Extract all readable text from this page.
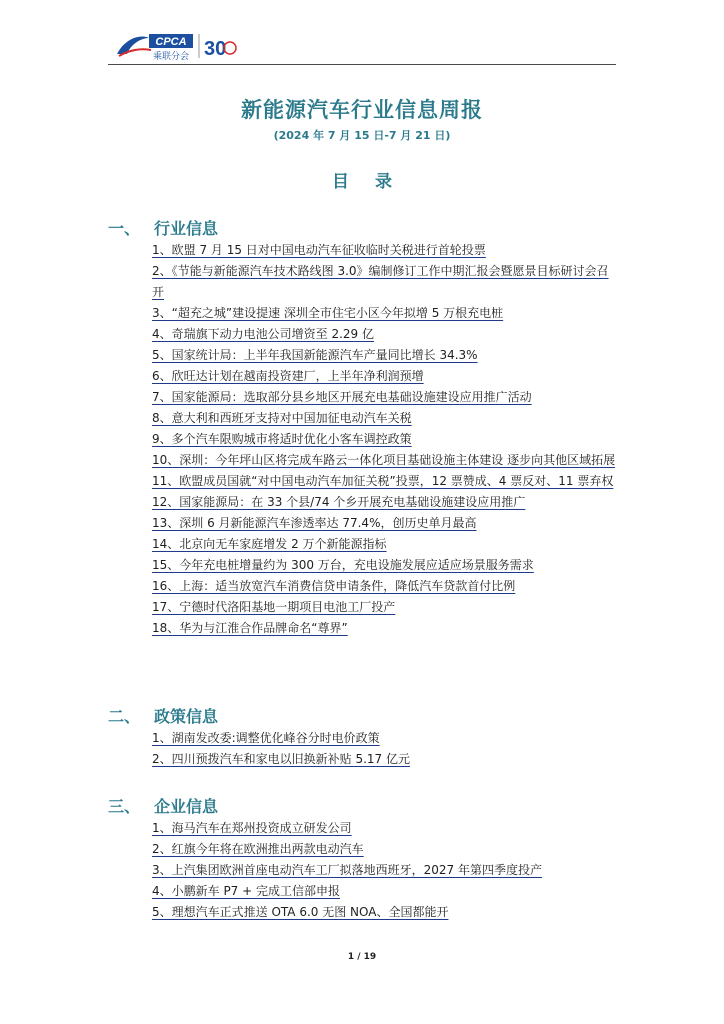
CPCA
乘联分会 30
新能源汽车行业信息周报
(2024 年 7 月 15 日-7 月 21 日)
目 录
一、 行业信息
1、欧盟 7 月 15 日对中国电动汽车征收临时关税进行首轮投票
2、《节能与新能源汽车技术路线图 3.0》编制修订工作中期汇报会暨愿景目标研讨会召开
3、“超充之城”建设提速 深圳全市住宅小区今年拟增 5 万根充电桩
4、奇瑞旗下动力电池公司增资至 2.29 亿
5、国家统计局：上半年我国新能源汽车产量同比增长 34.3%
6、欣旺达计划在越南投资建厂，上半年净利润预增
7、国家能源局：选取部分县乡地区开展充电基础设施建设应用推广活动
8、意大利和西班牙支持对中国加征电动汽车关税
9、多个汽车限购城市将适时优化小客车调控政策
10、深圳：今年坪山区将完成车路云一体化项目基础设施主体建设 逐步向其他区域拓展
11、欧盟成员国就“对中国电动汽车加征关税”投票，12 票赞成、4 票反对、11 票弃权
12、国家能源局：在 33 个县/74 个乡开展充电基础设施建设应用推广
13、深圳 6 月新能源汽车渗透率达 77.4%，创历史单月最高
14、北京向无车家庭增发 2 万个新能源指标
15、今年充电桩增量约为 300 万台，充电设施发展应适应场景服务需求
16、上海：适当放宽汽车消费信贷申请条件，降低汽车贷款首付比例
17、宁德时代洛阳基地一期项目电池工厂投产
18、华为与江淮合作品牌命名“尊界”
二、 政策信息
1、湖南发改委:调整优化峰谷分时电价政策
2、四川预拨汽车和家电以旧换新补贴 5.17 亿元
三、 企业信息
1、海马汽车在郑州投资成立研发公司
2、红旗今年将在欧洲推出两款电动汽车
3、上汽集团欧洲首座电动汽车工厂拟落地西班牙，2027 年第四季度投产
4、小鹏新车 P7 + 完成工信部申报
5、理想汽车正式推送 OTA 6.0 无图 NOA、全国都能开
1 / 19
